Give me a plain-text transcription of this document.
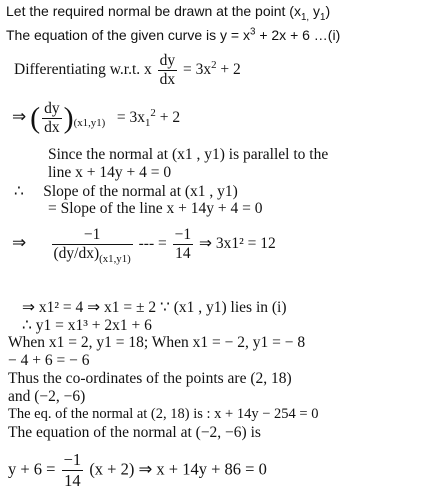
Let the required normal be drawn at the point ($x_{1,}$ $y_1$)
The equation of the given curve is $y = x^3 + 2x + 6$ …(i)
Differentiating w.r.t. x $\frac{dy}{dx} = 3x^2 + 2$
⇒ ( $\frac{dy}{dx} )_{(x1,y1)} = 3x_1^2 + 2$
Since the normal at (x1 , y1) is parallel to the
line x + 14y + 4 = 0
∴ Slope of the normal at (x1 , y1)
= Slope of the line x + 14y + 4 = 0
⇒ $\frac{-1}{(dy/dx)_{(x1,y1)}}$ --- = $\frac{-1}{14}$ ⇒ 3x1² = 12
⇒ x1² = 4 ⇒ x1 = ± 2 ∵ (x1 , y1) lies in (i)
∴ y1 = x1³ + 2x1 + 6
When x1 = 2, y1 = 18; When x1 = − 2, y1 = − 8
− 4 + 6 = − 6
Thus the co-ordinates of the points are (2, 18)
and (−2, −6)
The eq. of the normal at (2, 18) is : x + 14y − 254 = 0
The equation of the normal at (−2, −6) is
$y + 6 = \frac{-1}{14} (x + 2)$ ⇒ x + 14y + 86 = 0
